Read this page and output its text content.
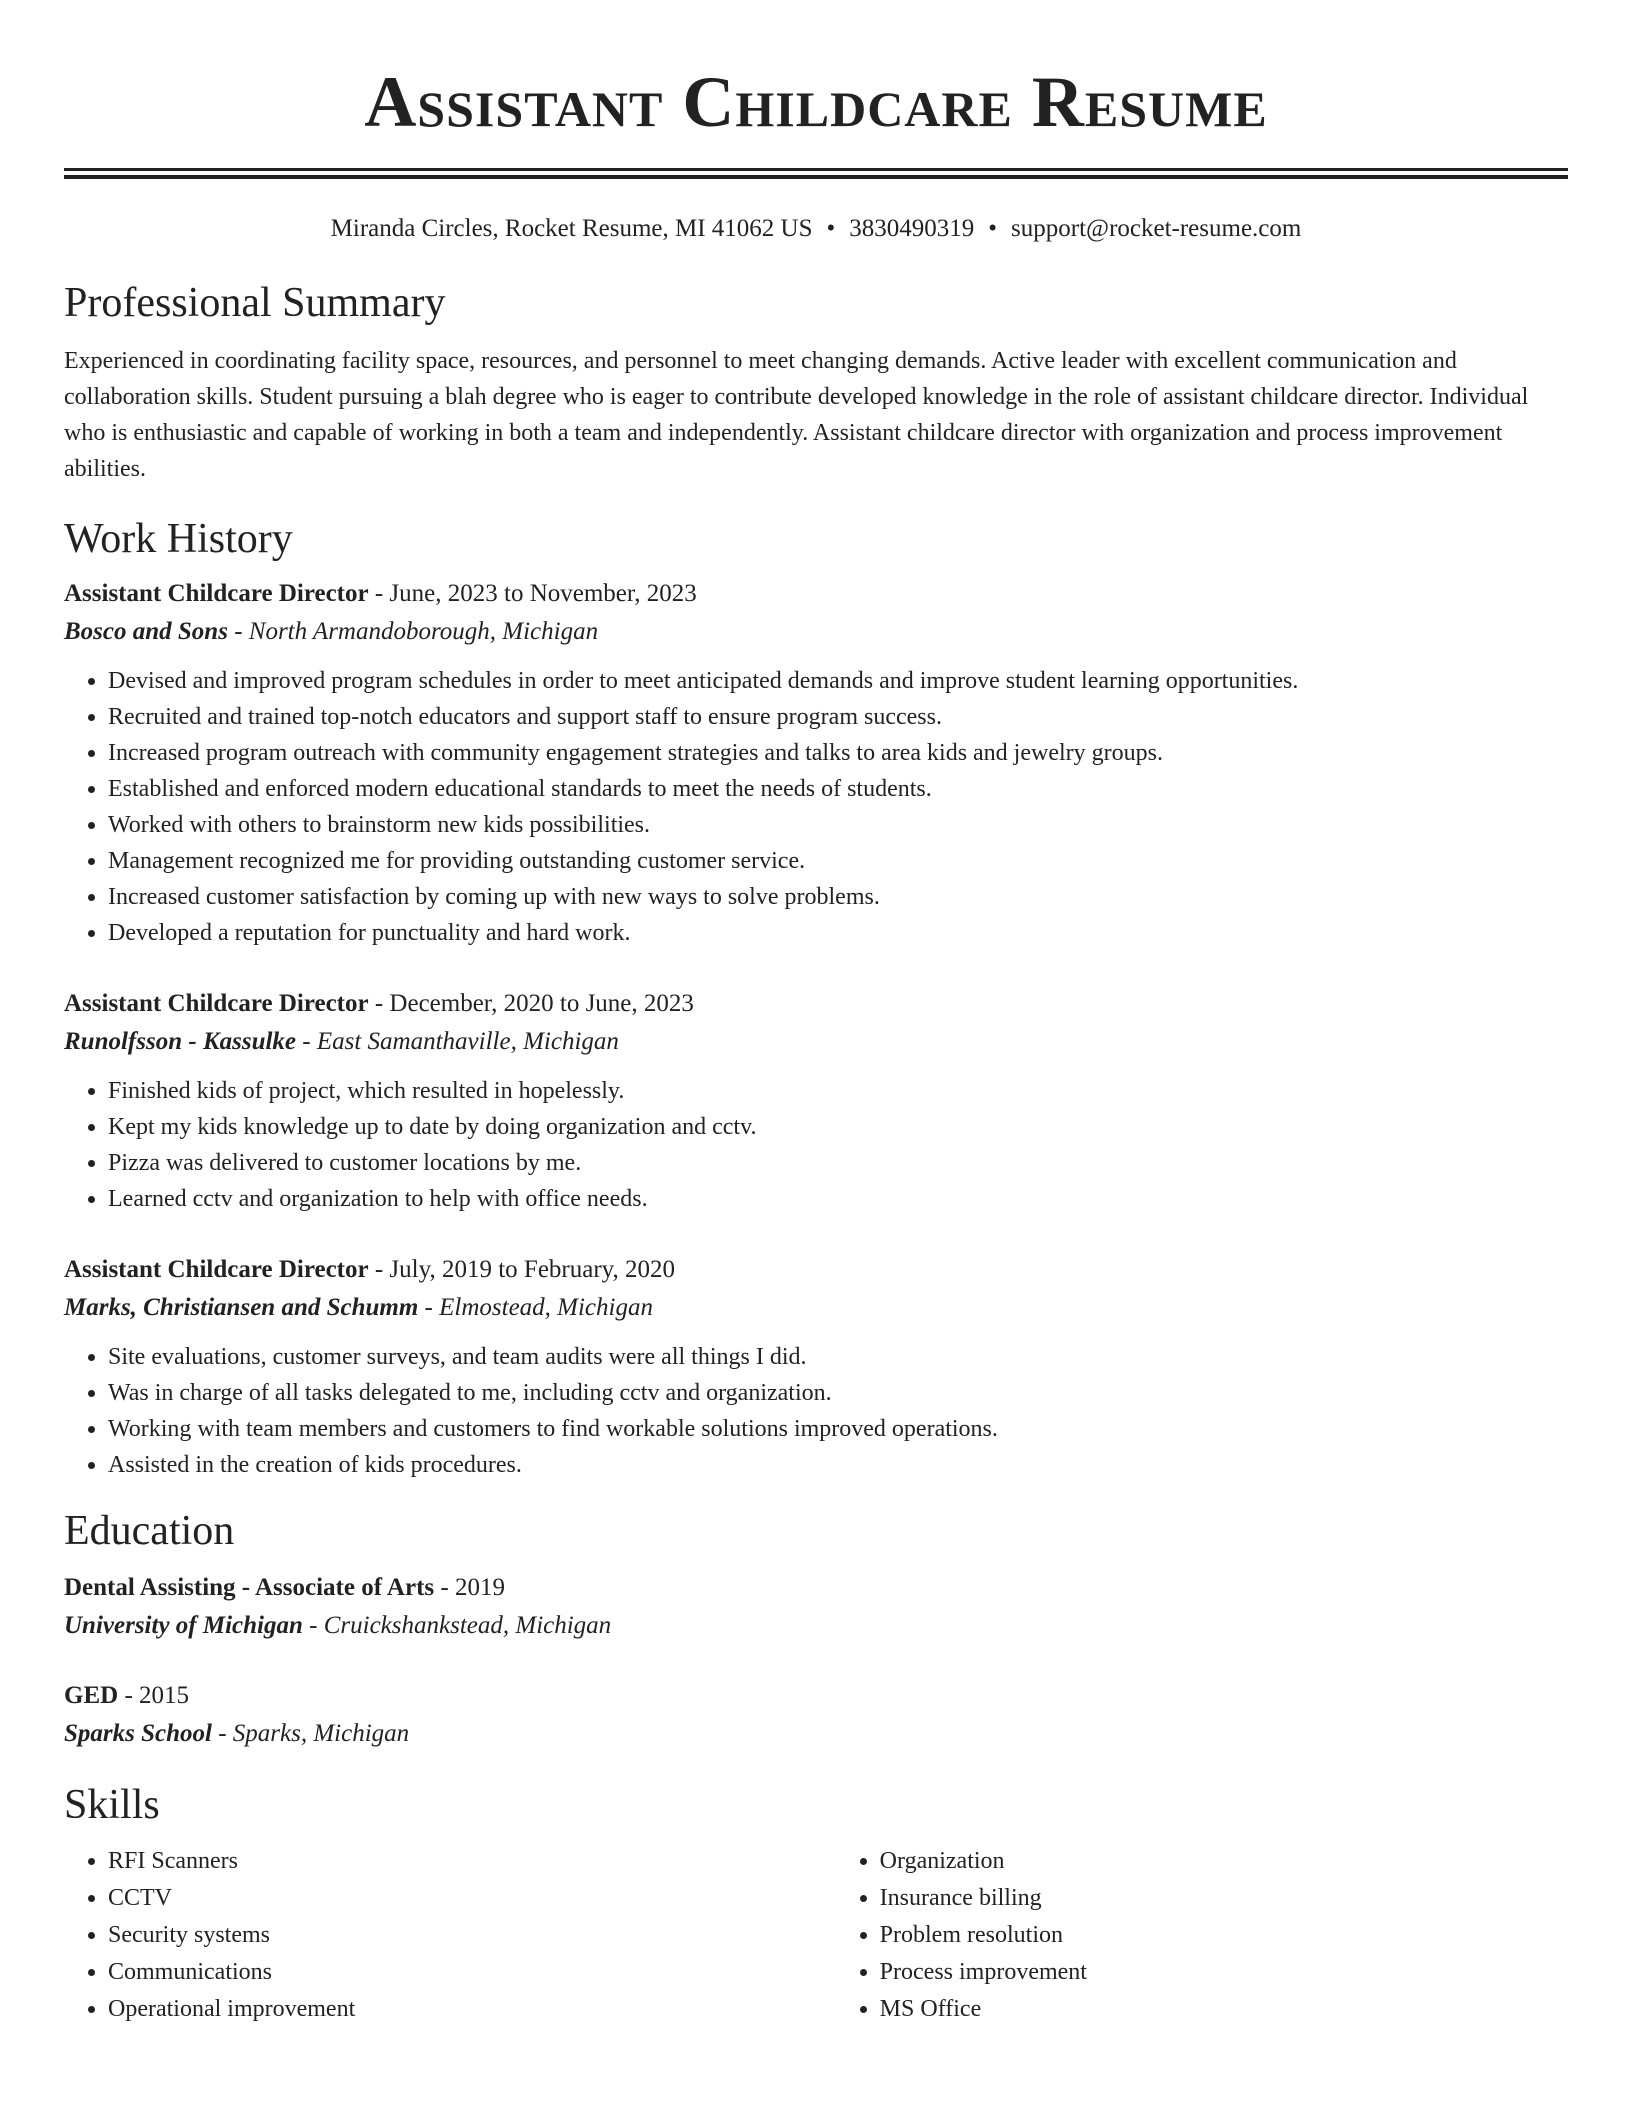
Assistant Childcare Resume
Miranda Circles, Rocket Resume, MI 41062 US • 3830490319 • support@rocket-resume.com
Professional Summary

Experienced in coordinating facility space, resources, and personnel to meet changing demands. Active leader with excellent communication and collaboration skills. Student pursuing a blah degree who is eager to contribute developed knowledge in the role of assistant childcare director. Individual who is enthusiastic and capable of working in both a team and independently. Assistant childcare director with organization and process improvement abilities.

Work History
Assistant Childcare Director - June, 2023 to November, 2023
Bosco and Sons - North Armandoborough, Michigan
• Devised and improved program schedules in order to meet anticipated demands and improve student learning opportunities.
• Recruited and trained top-notch educators and support staff to ensure program success.
• Increased program outreach with community engagement strategies and talks to area kids and jewelry groups.
• Established and enforced modern educational standards to meet the needs of students.
• Worked with others to brainstorm new kids possibilities.
• Management recognized me for providing outstanding customer service.
• Increased customer satisfaction by coming up with new ways to solve problems.
• Developed a reputation for punctuality and hard work.
Assistant Childcare Director - December, 2020 to June, 2023
Runolfsson - Kassulke - East Samanthaville, Michigan
• Finished kids of project, which resulted in hopelessly.
• Kept my kids knowledge up to date by doing organization and cctv.
• Pizza was delivered to customer locations by me.
• Learned cctv and organization to help with office needs.
Assistant Childcare Director - July, 2019 to February, 2020
Marks, Christiansen and Schumm - Elmostead, Michigan
• Site evaluations, customer surveys, and team audits were all things I did.
• Was in charge of all tasks delegated to me, including cctv and organization.
• Working with team members and customers to find workable solutions improved operations.
• Assisted in the creation of kids procedures.
Education
Dental Assisting - Associate of Arts - 2019
University of Michigan - Cruickshankstead, Michigan
GED - 2015
Sparks School - Sparks, Michigan
Skills
• RFI Scanners
• CCTV
• Security systems
• Communications
• Operational improvement
• Organization
• Insurance billing
• Problem resolution
• Process improvement
• MS Office
